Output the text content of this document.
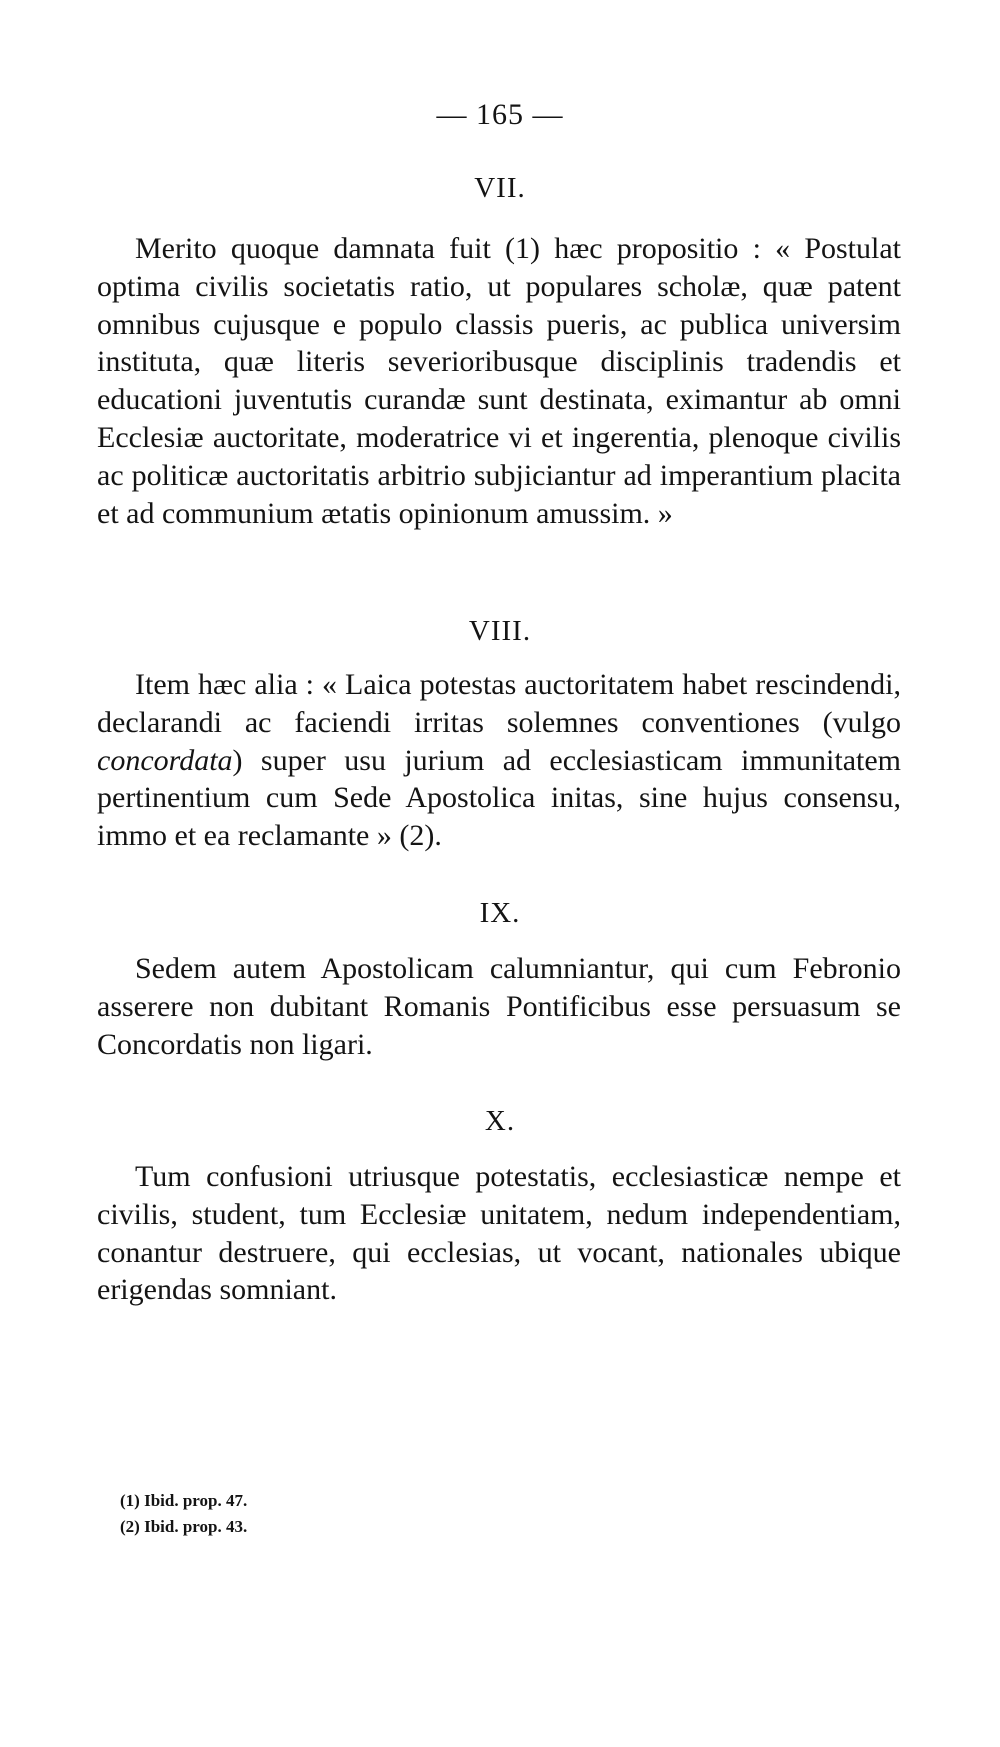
— 165 —
VII.

Merito quoque damnata fuit (1) hæc propositio : « Postulat optima civilis societatis ratio, ut populares scholæ, quæ patent omnibus cujusque e populo classis pueris, ac publica universim instituta, quæ literis severioribusque disciplinis tradendis et educationi juventutis curandæ sunt destinata, eximantur ab omni Ecclesiæ auctoritate, moderatrice vi et ingerentia, plenoque civilis ac politicæ auctoritatis arbitrio subjiciantur ad imperantium placita et ad communium ætatis opinionum amussim. »

VIII.

Item hæc alia : « Laica potestas auctoritatem habet rescindendi, declarandi ac faciendi irritas solemnes conventiones (vulgo concordata) super usu jurium ad ecclesiasticam immunitatem pertinentium cum Sede Apostolica initas, sine hujus consensu, immo et ea reclamante » (2).

IX.

Sedem autem Apostolicam calumniantur, qui cum Febronio asserere non dubitant Romanis Pontificibus esse persuasum se Concordatis non ligari.

X.

Tum confusioni utriusque potestatis, ecclesiasticæ nempe et civilis, student, tum Ecclesiæ unitatem, nedum independentiam, conantur destruere, qui ecclesias, ut vocant, nationales ubique erigendas somniant.

(1) Ibid. prop. 47.
(2) Ibid. prop. 43.
